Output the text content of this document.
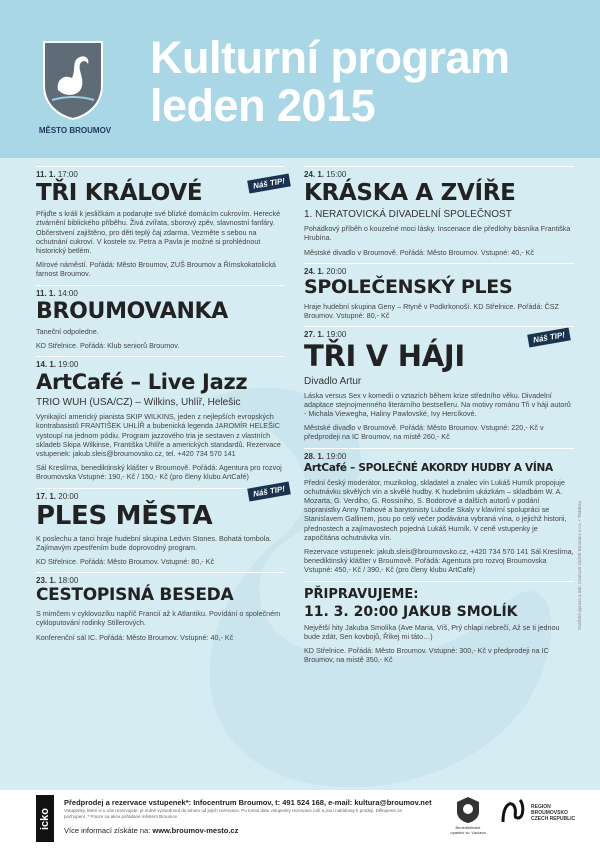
MĚSTO BROUMOV
Kulturní program
leden 2015
11. 1. 17:00
TŘI KRÁLOVÉ	Náš TIP!
Přijďte s králi k jesličkám a podarujte své blízké domácím cukrovím. Herecké ztvárnění biblického příběhu. Živá zvířata, sborový zpěv, slavnostní fanfáry. Občerstvení zajištěno, pro děti teplý čaj zdarma. Vezměte s sebou na ochutnání cukroví. V kostele sv. Petra a Pavla je možné si prohlédnout historický betlém.
Mírové náměstí. Pořádá: Město Broumov, ZUŠ Broumov a Římskokatolická farnost Broumov.
11. 1. 14:00
BROUMOVANKA
Taneční odpoledne.
KD Střelnice. Pořádá: Klub seniorů Broumov.
14. 1. 19:00
ArtCafé – Live Jazz
TRIO WUH (USA/CZ) – Wilkins, Uhlíř, Helešic
Vynikající americký pianista SKIP WILKINS, jeden z nejlepších evropských kontrabasistů FRANTIŠEK UHLÍŘ a bubenická legenda JAROMÍR HELEŠIC vystoupí na jednom pódiu. Program jazzového tria je sestaven z vlastních skladeb Skipa Wilkinse, Františka Uhlíře a amerických standardů. Rezervace vstupenek: jakub.sleis@broumovsko.cz, tel. +420 734 570 141
Sál Kreslírna, benediktinský klášter v Broumově. Pořádá: Agentura pro rozvoj Broumovska Vstupné: 190,- Kč / 150,- Kč (pro členy klubu ArtCafé)
17. 1. 20:00
PLES MĚSTA
Náš TIP!
K poslechu a tanci hraje hudební skupina Ledvin Stones. Bohatá tombola. Zajímavým zpestřením bude doprovodný program.
KD Střelnice. Pořádá: Město Broumov. Vstupné: 80,- Kč
23. 1. 18:00
CESTOPISNÁ BESEDA
S mimčem v cyklovozíku napříč Francií až k Atlantiku. Povídání o společném cykloputování rodinky Stillerových.
Konferenční sál IC. Pořádá: Město Broumov. Vstupné: 40,- Kč
24. 1. 15:00
KRÁSKA A ZVÍŘE
1. NERATOVICKÁ DIVADELNÍ SPOLEČNOST
Pohádkový příběh o kouzelné moci lásky. Inscenace dle předlohy básníka Františka Hrubína.
Městské divadlo v Broumově. Pořádá: Město Broumov. Vstupné: 40,- Kč
24. 1. 20:00
SPOLEČENSKÝ PLES
Hraje hudební skupina Geny – Rtyně v Podkrkonoší. KD Střelnice. Pořádá: ČSZ Broumov. Vstupné: 80,- Kč
27. 1. 19:00
TŘI V HÁJI
Náš TIP!
Divadlo Artur
Láska versus Sex v komedii o vztazích během krize středního věku. Divadelní adaptace stejnojmenného literárního bestselleru. Na motivy románu Tři v háji autorů - Michala Viewegha, Haliny Pawlovské, Ivy Hercíkové.
Městské divadlo v Broumově. Pořádá: Město Broumov. Vstupné: 220,- Kč v předprodeji na IC Broumov, na místě 260,- Kč
28. 1. 19:00
ArtCafé – SPOLEČNÉ AKORDY HUDBY A VÍNA
Přední český moderátor, muzikolog, skladatel a znalec vín Lukáš Hurník propojuje ochutnávku skvělých vín a skvělé hudby. K hudebním ukázkám – skladbám W. A. Mozarta, G. Verdiho, G. Rossiniho, S. Bodorové a dalších autorů v podání sopranistky Anny Trahové a barytonisty Luboše Skaly v klavírní spolupráci se Stanislavem Gallinem, jsou po celý večer podávána vybraná vína, o jejichž historii, přednostech a zajímavostech pojedná Lukáš Hurník. V ceně vstupenky je započítána ochutnávka vín.
Rezervace vstupenek: jakub.sleis@broumovsko.cz, +420 734 570 141 Sál Kreslírna, benediktinský klášter v Broumově. Pořádá: Agentura pro rozvoj Broumovska Vstupné: 450,- Kč / 390,- Kč (pro členy klubu ArtCafé)
PŘIPRAVUJEME:
11. 3. 20:00 JAKUB SMOLÍK
Největší hity Jakuba Smolíka (Ave Maria, Víš, Prý chlapi nebrečí, Až se ti jednou bude zdát, Sen kovbojů, Říkej mi táto…)
KD Střelnice. Pořádá: Město Broumov. Vstupné: 300,- Kč v předprodeji na IC Broumov, na místě 350,- Kč
Grafická úprava a tisk: Centrum služeb Broumov s.r.o. • Tiskárna
icko
Předprodej a rezervace vstupenek*: Infocentrum Broumov, t: 491 524 168, e-mail: kultura@broumov.net
Vstupenky, které si u nás rezervujete, je nutné vyzvednout do tohoto od jejich rezervace. Po tomto datu vstupenky rezervace ruší a jsou nabídnuty k prodeji. Děkujeme za pochopení. * Pouze na akce pořádané městem Broumov
Více informací získáte na: www.broumov-mesto.cz	Benediktinské opatství sv. Václava
REGION BROUMOVSKO CZECH REPUBLIC
